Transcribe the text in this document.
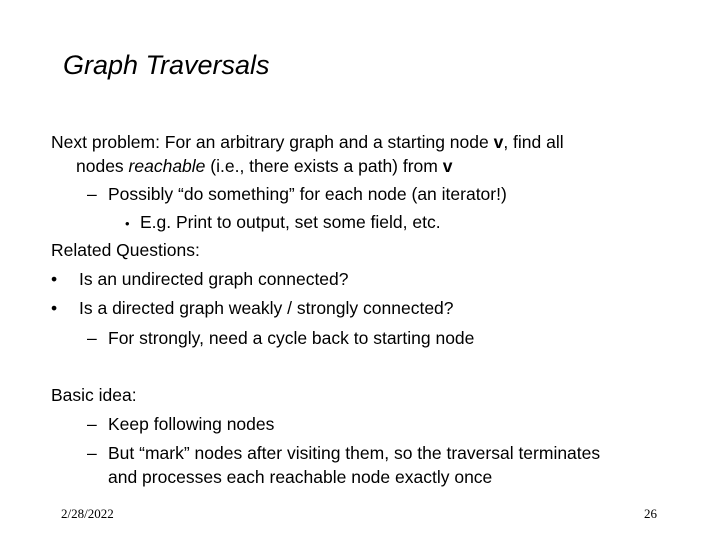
Graph Traversals
Next problem: For an arbitrary graph and a starting node v, find all
nodes reachable (i.e., there exists a path) from v
– Possibly “do something” for each node (an iterator!)
• E.g. Print to output, set some field, etc.
Related Questions:
• Is an undirected graph connected?
• Is a directed graph weakly / strongly connected?
– For strongly, need a cycle back to starting node
Basic idea:
– Keep following nodes
– But “mark” nodes after visiting them, so the traversal terminates
and processes each reachable node exactly once
2/28/2022	26
